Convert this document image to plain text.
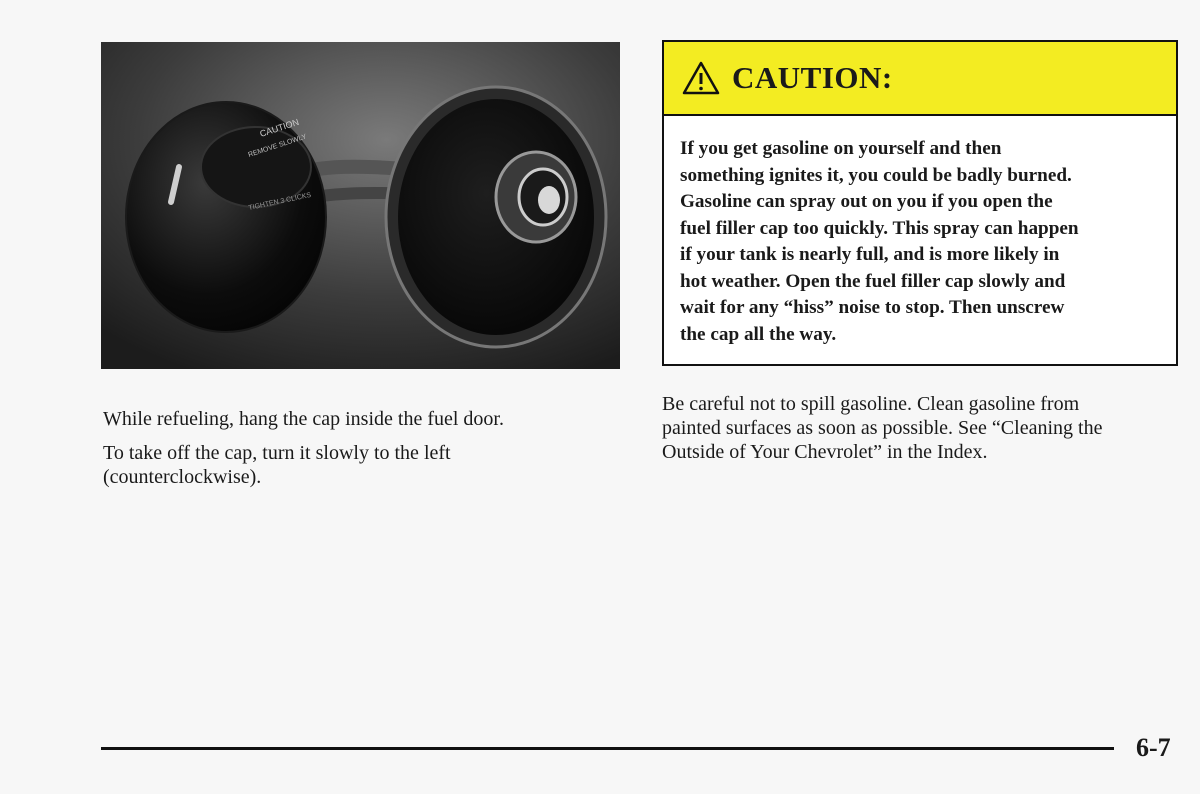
CAUTION
REMOVE SLOWLY
TIGHTEN 3 CLICKS

While refueling, hang the cap inside the fuel door.

To take off the cap, turn it slowly to the left (counterclockwise).

CAUTION:
If you get gasoline on yourself and then
something ignites it, you could be badly burned.
Gasoline can spray out on you if you open the
fuel filler cap too quickly. This spray can happen
if your tank is nearly full, and is more likely in
hot weather. Open the fuel filler cap slowly and
wait for any “hiss” noise to stop. Then unscrew
the cap all the way.
Be careful not to spill gasoline. Clean gasoline from
painted surfaces as soon as possible. See “Cleaning the
Outside of Your Chevrolet” in the Index.
6-7
